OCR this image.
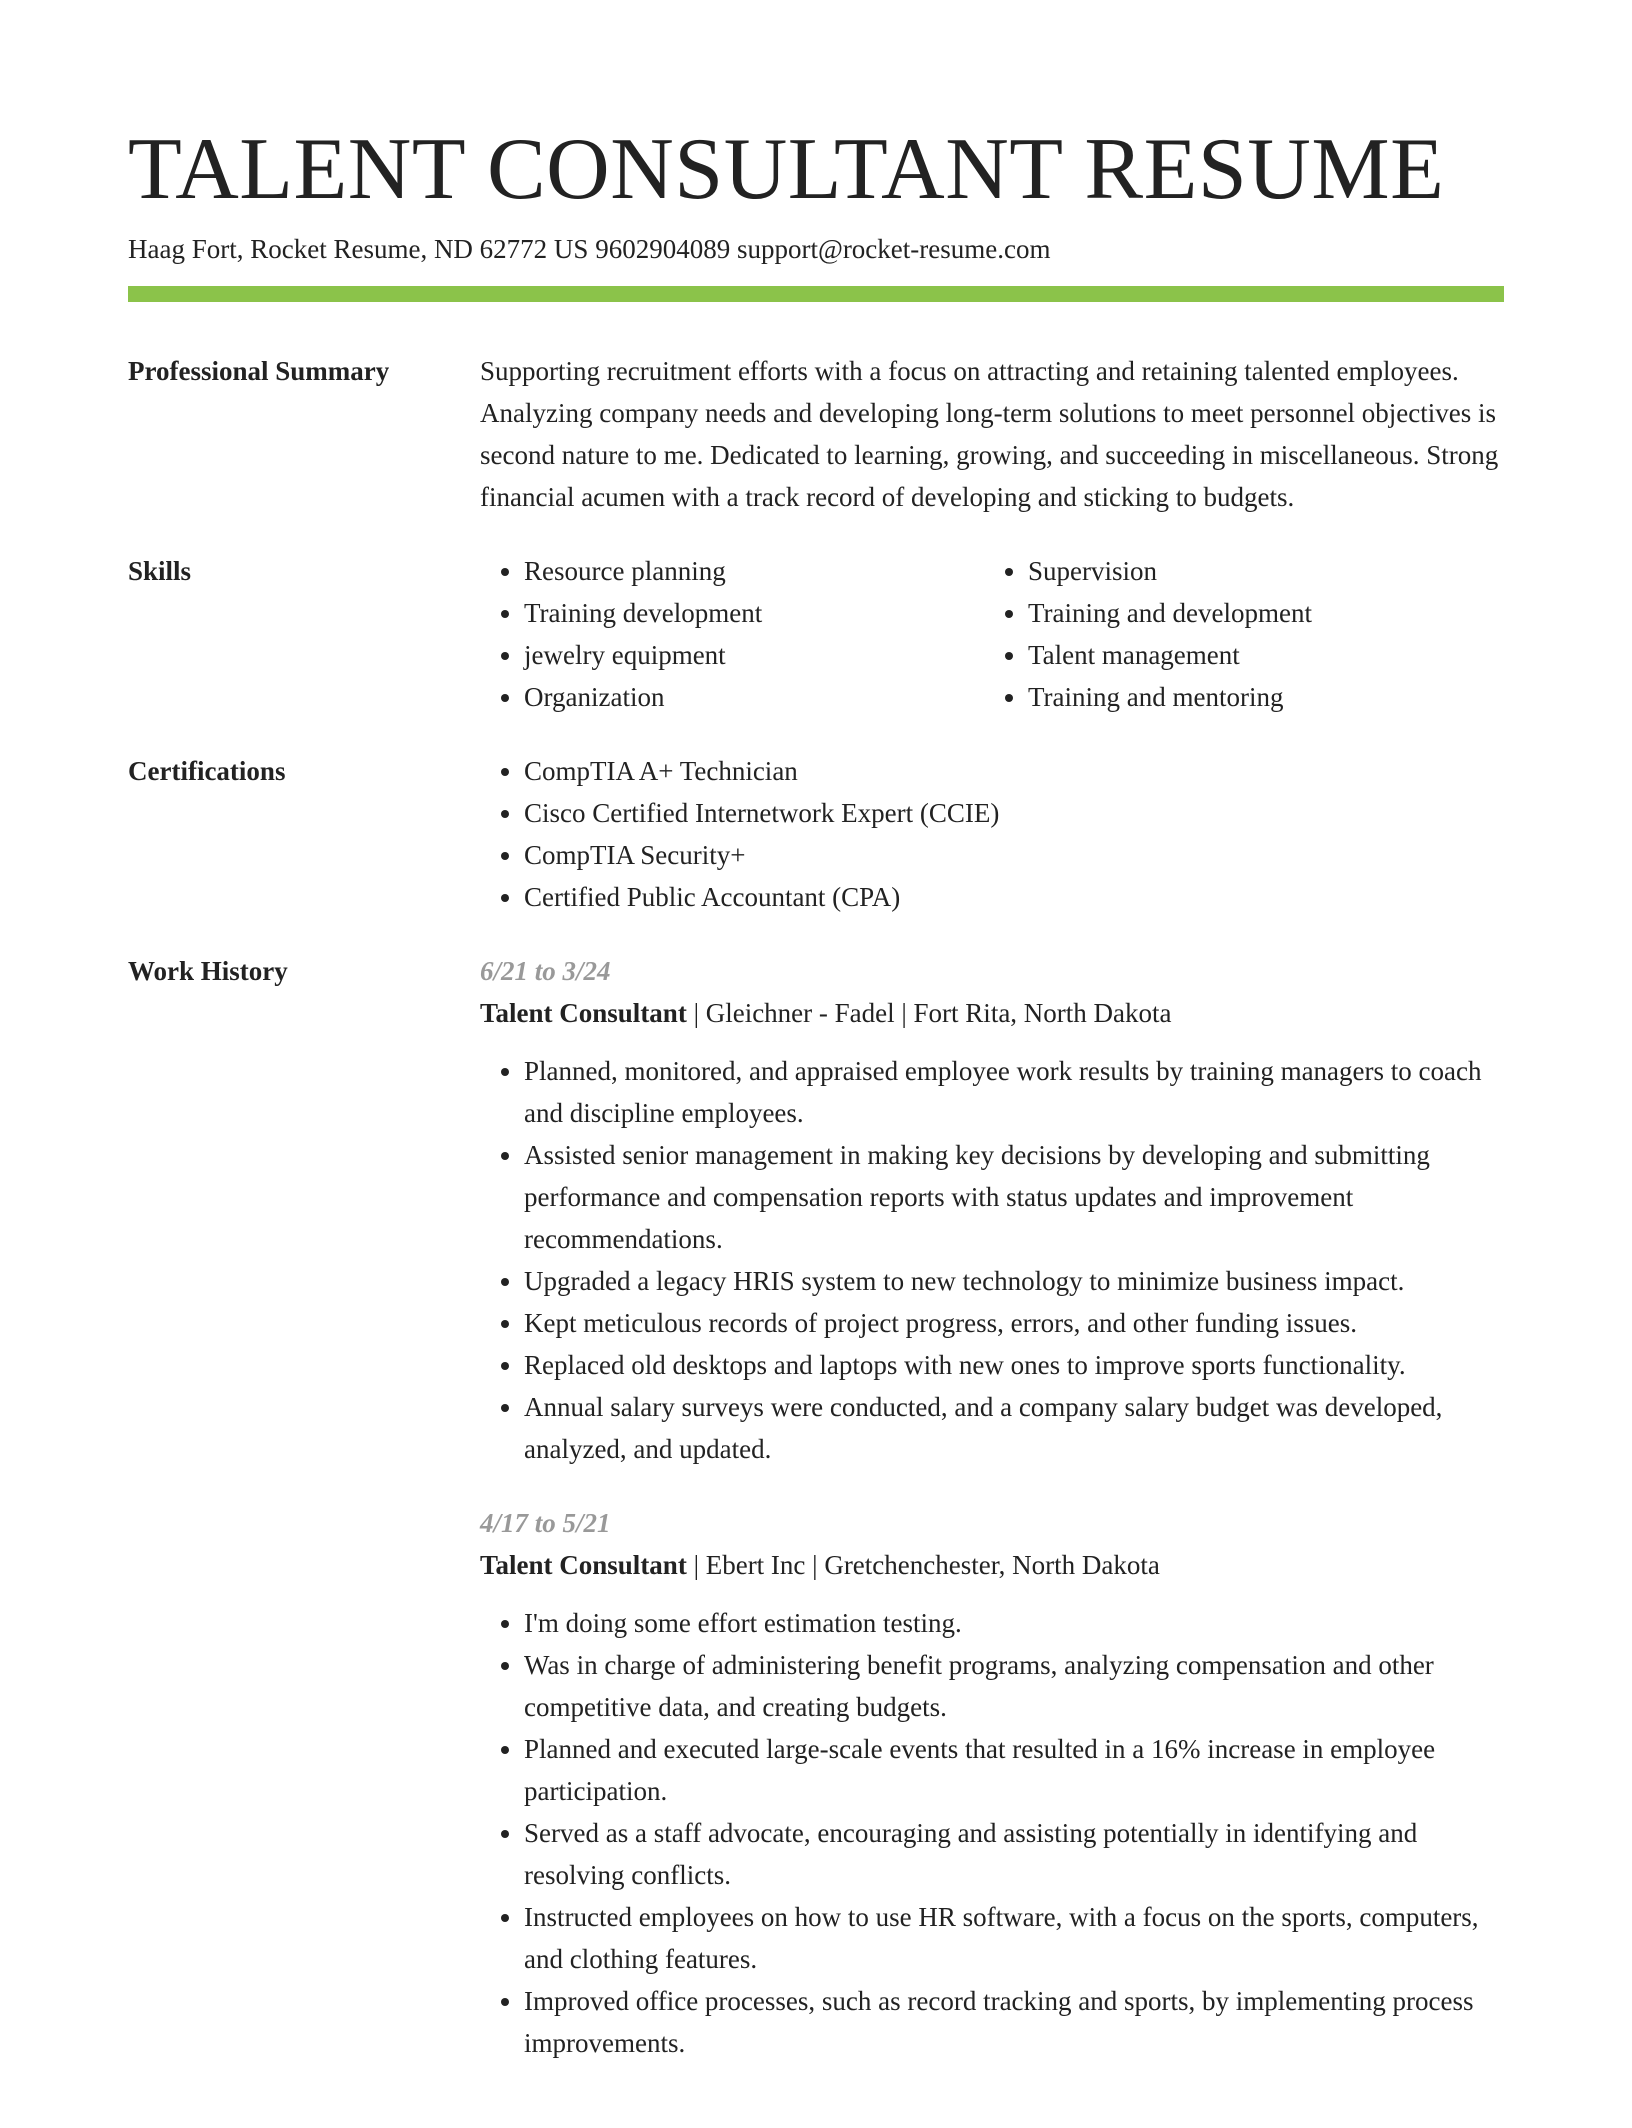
TALENT CONSULTANT RESUME

Haag Fort, Rocket Resume, ND 62772 US 9602904089 support@rocket-resume.com

Professional Summary	Supporting recruitment efforts with a focus on attracting and retaining talented employees. Analyzing company needs and developing long-term solutions to meet personnel objectives is second nature to me. Dedicated to learning, growing, and succeeding in miscellaneous. Strong financial acumen with a track record of developing and sticking to budgets.

Skills	• Resource planning
• Training development
• jewelry equipment
• Organization
• Supervision
• Training and development
• Talent management
• Training and mentoring
Certifications	• CompTIA A+ Technician
• Cisco Certified Internetwork Expert (CCIE)
• CompTIA Security+
• Certified Public Accountant (CPA)
Work History	6/21 to 3/24
Talent Consultant | Gleichner - Fadel | Fort Rita, North Dakota
• Planned, monitored, and appraised employee work results by training managers to coach and discipline employees.
• Assisted senior management in making key decisions by developing and submitting performance and compensation reports with status updates and improvement recommendations.
• Upgraded a legacy HRIS system to new technology to minimize business impact.
• Kept meticulous records of project progress, errors, and other funding issues.
• Replaced old desktops and laptops with new ones to improve sports functionality.
• Annual salary surveys were conducted, and a company salary budget was developed, analyzed, and updated.
4/17 to 5/21
Talent Consultant | Ebert Inc | Gretchenchester, North Dakota
• I'm doing some effort estimation testing.
• Was in charge of administering benefit programs, analyzing compensation and other competitive data, and creating budgets.
• Planned and executed large-scale events that resulted in a 16% increase in employee participation.
• Served as a staff advocate, encouraging and assisting potentially in identifying and resolving conflicts.
• Instructed employees on how to use HR software, with a focus on the sports, computers, and clothing features.
• Improved office processes, such as record tracking and sports, by implementing process improvements.
